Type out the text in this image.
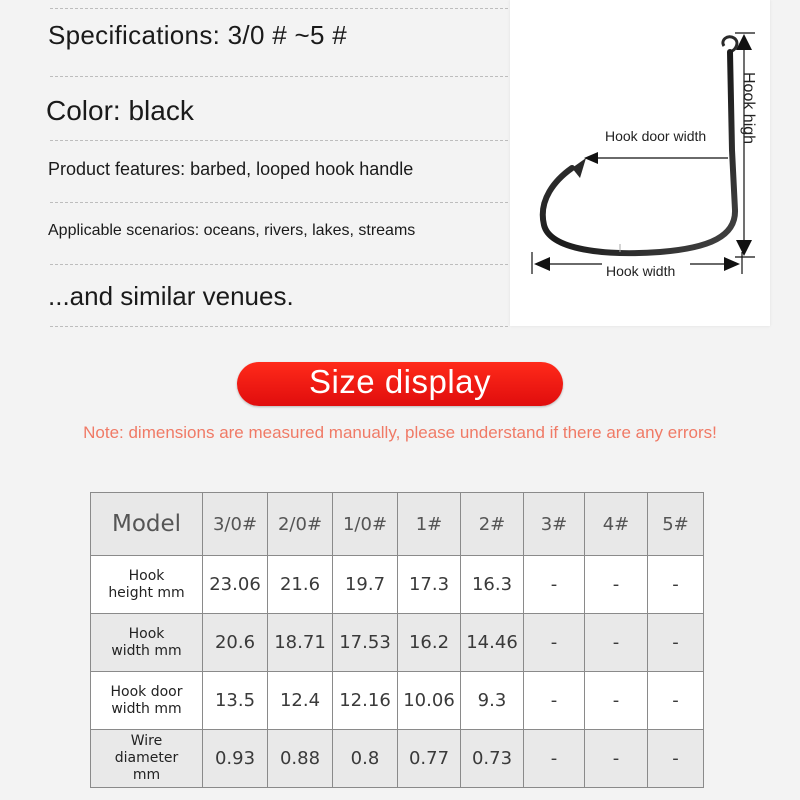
Specifications: 3/0 # ~5 #
Color: black
Product features: barbed, looped hook handle
Applicable scenarios: oceans, rivers, lakes, streams
...and similar venues.
Hook door width Hook high
Hook width
Size display
Note: dimensions are measured manually, please understand if there are any errors!
Model	3/0#	2/0#	1/0#	1#	2#	3#	4#	5#

Hook
height mm	23.06	21.6	19.7	17.3	16.3	-	-	-

Hook
width mm	20.6	18.71	17.53	16.2	14.46	-	-	-

Hook door
width mm	13.5	12.4	12.16	10.06	9.3	-	-	-

Wire
diameter
mm	0.93	0.88	0.8	0.77	0.73	-	-	-
